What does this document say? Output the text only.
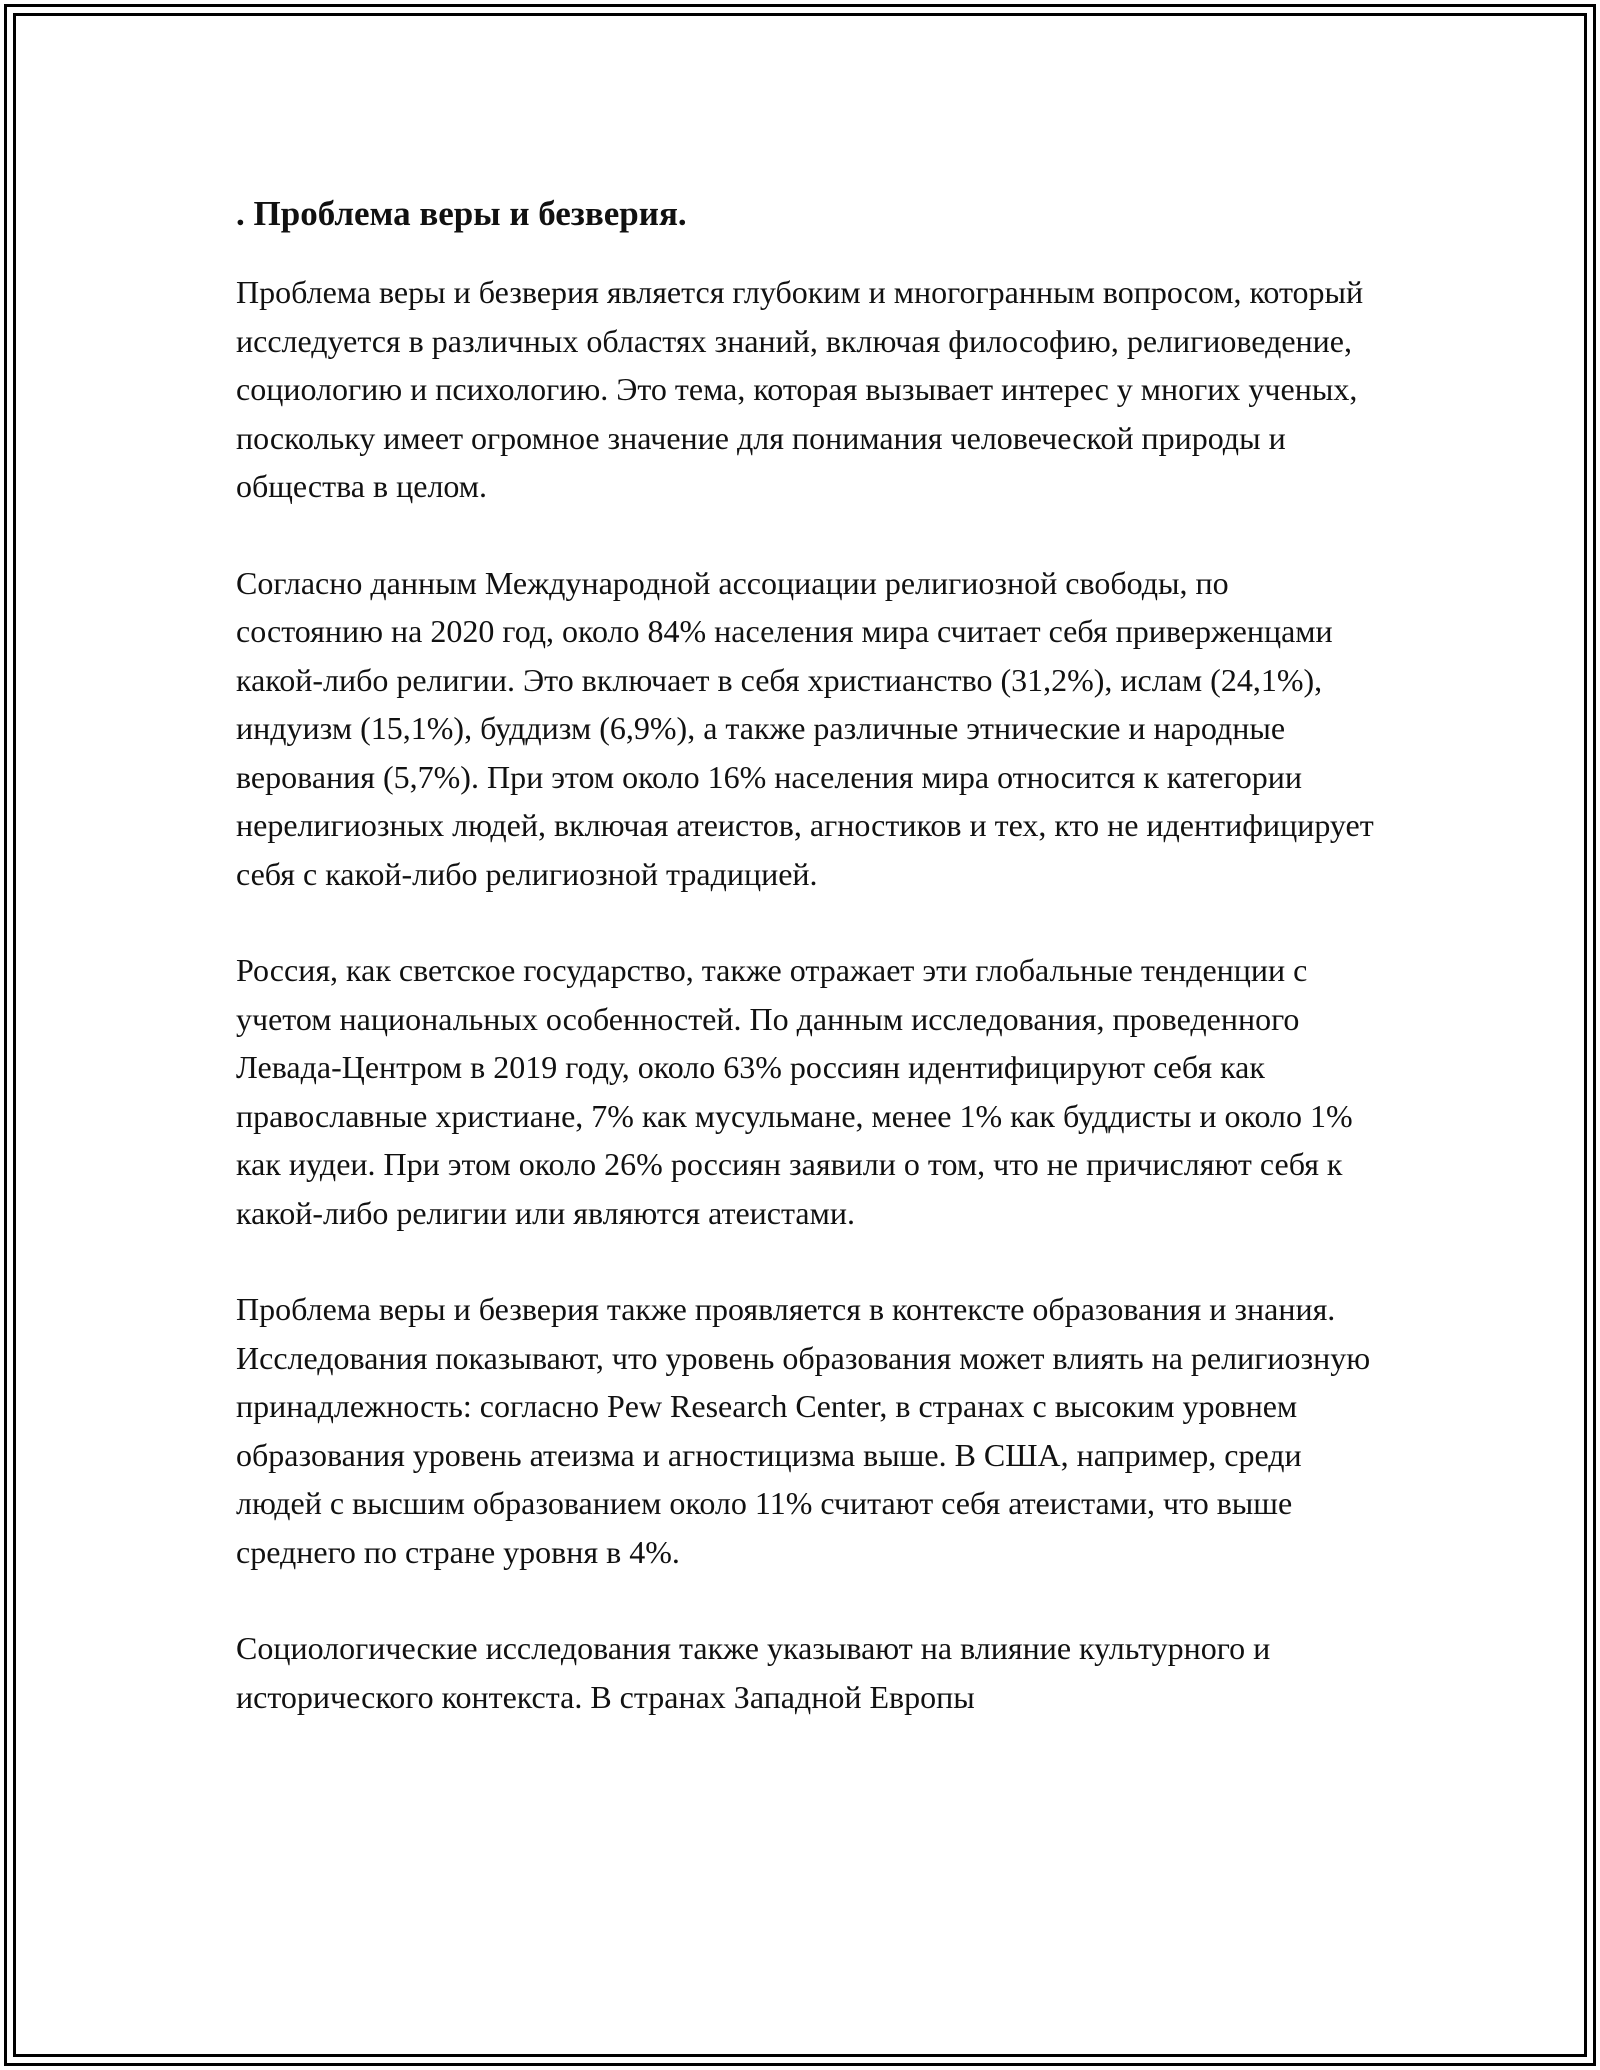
. Проблема веры и безверия.

Проблема веры и безверия является глубоким и многогранным вопросом, который исследуется в различных областях знаний, включая философию, религиоведение, социологию и психологию. Это тема, которая вызывает интерес у многих ученых, поскольку имеет огромное значение для понимания человеческой природы и общества в целом.

Согласно данным Международной ассоциации религиозной свободы, по состоянию на 2020 год, около 84% населения мира считает себя приверженцами какой-либо религии. Это включает в себя христианство (31,2%), ислам (24,1%), индуизм (15,1%), буддизм (6,9%), а также различные этнические и народные верования (5,7%). При этом около 16% населения мира относится к категории нерелигиозных людей, включая атеистов, агностиков и тех, кто не идентифицирует себя с какой-либо религиозной традицией.

Россия, как светское государство, также отражает эти глобальные тенденции с учетом национальных особенностей. По данным исследования, проведенного Левада-Центром в 2019 году, около 63% россиян идентифицируют себя как православные христиане, 7% как мусульмане, менее 1% как буддисты и около 1% как иудеи. При этом около 26% россиян заявили о том, что не причисляют себя к какой-либо религии или являются атеистами.

Проблема веры и безверия также проявляется в контексте образования и знания. Исследования показывают, что уровень образования может влиять на религиозную принадлежность: согласно Pew Research Center, в странах с высоким уровнем образования уровень атеизма и агностицизма выше. В США, например, среди людей с высшим образованием около 11% считают себя атеистами, что выше среднего по стране уровня в 4%.

Социологические исследования также указывают на влияние культурного и исторического контекста. В странах Западной Европы
